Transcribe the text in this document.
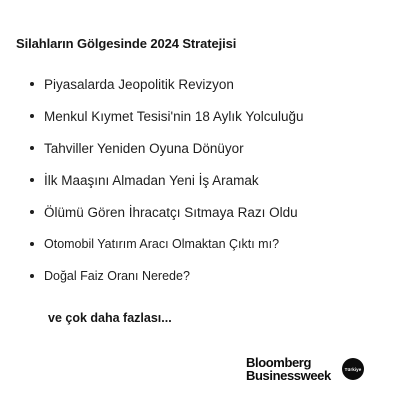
Silahların Gölgesinde 2024 Stratejisi
Piyasalarda Jeopolitik Revizyon
Menkul Kıymet Tesisi'nin 18 Aylık Yolculuğu
Tahviller Yeniden Oyuna Dönüyor
İlk Maaşını Almadan Yeni İş Aramak
Ölümü Gören İhracatçı Sıtmaya Razı Oldu
Otomobil Yatırım Aracı Olmaktan Çıktı mı?
Doğal Faiz Oranı Nerede?
ve çok daha fazlası...
Bloomberg
Businessweek	Türkiye
